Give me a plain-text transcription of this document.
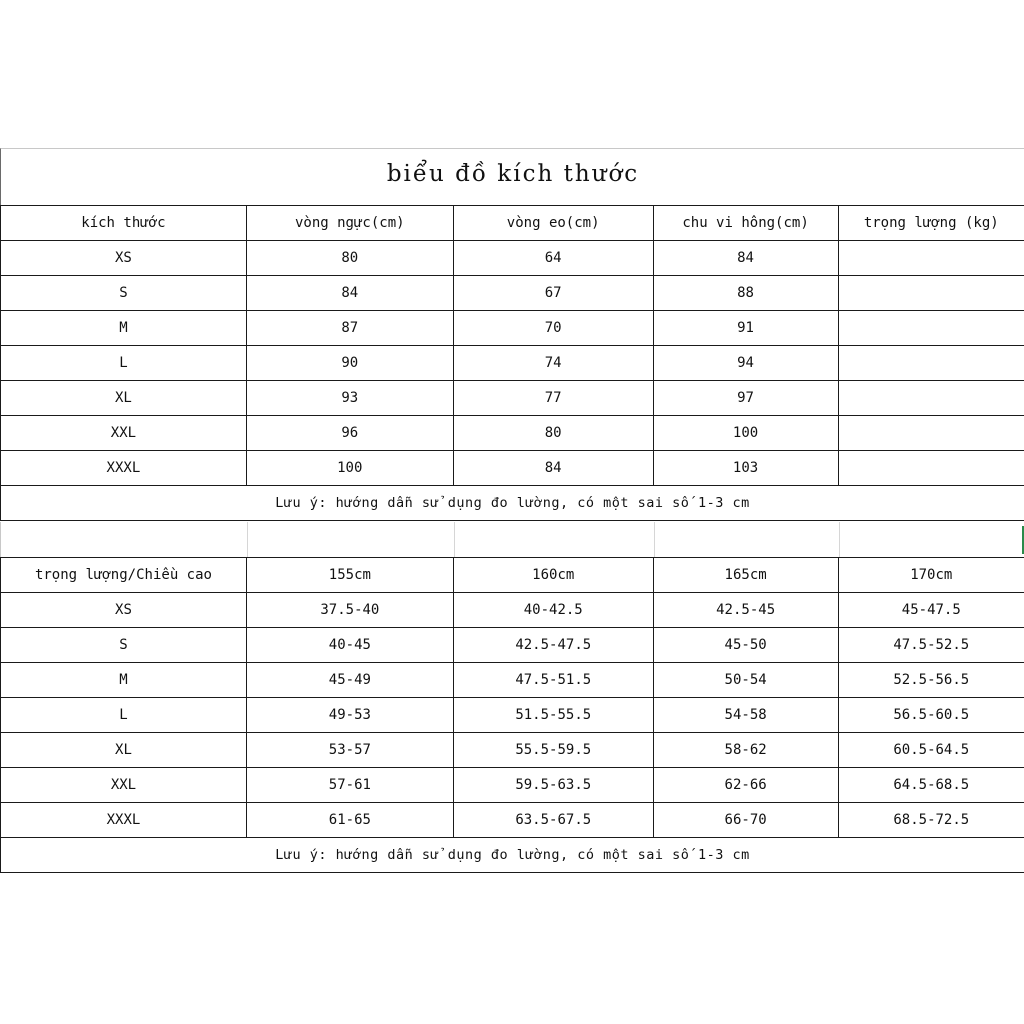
biểu đồ kích thước
kích thước	vòng ngực(cm)	vòng eo(cm)	chu vi hông(cm)	trọng lượng (kg)
XS	80	64	84	
S	84	67	88	
M	87	70	91	
L	90	74	94	
XL	93	77	97	
XXL	96	80	100	
XXXL	100	84	103	
Lưu ý: hướng dẫn sử dụng đo lường, có một sai số 1-3 cm				
trọng lượng/Chiều cao	155cm	160cm	165cm	170cm
XS	37.5-40	40-42.5	42.5-45	45-47.5
S	40-45	42.5-47.5	45-50	47.5-52.5
M	45-49	47.5-51.5	50-54	52.5-56.5
L	49-53	51.5-55.5	54-58	56.5-60.5
XL	53-57	55.5-59.5	58-62	60.5-64.5
XXL	57-61	59.5-63.5	62-66	64.5-68.5
XXXL	61-65	63.5-67.5	66-70	68.5-72.5
Lưu ý: hướng dẫn sử dụng đo lường, có một sai số 1-3 cm				
